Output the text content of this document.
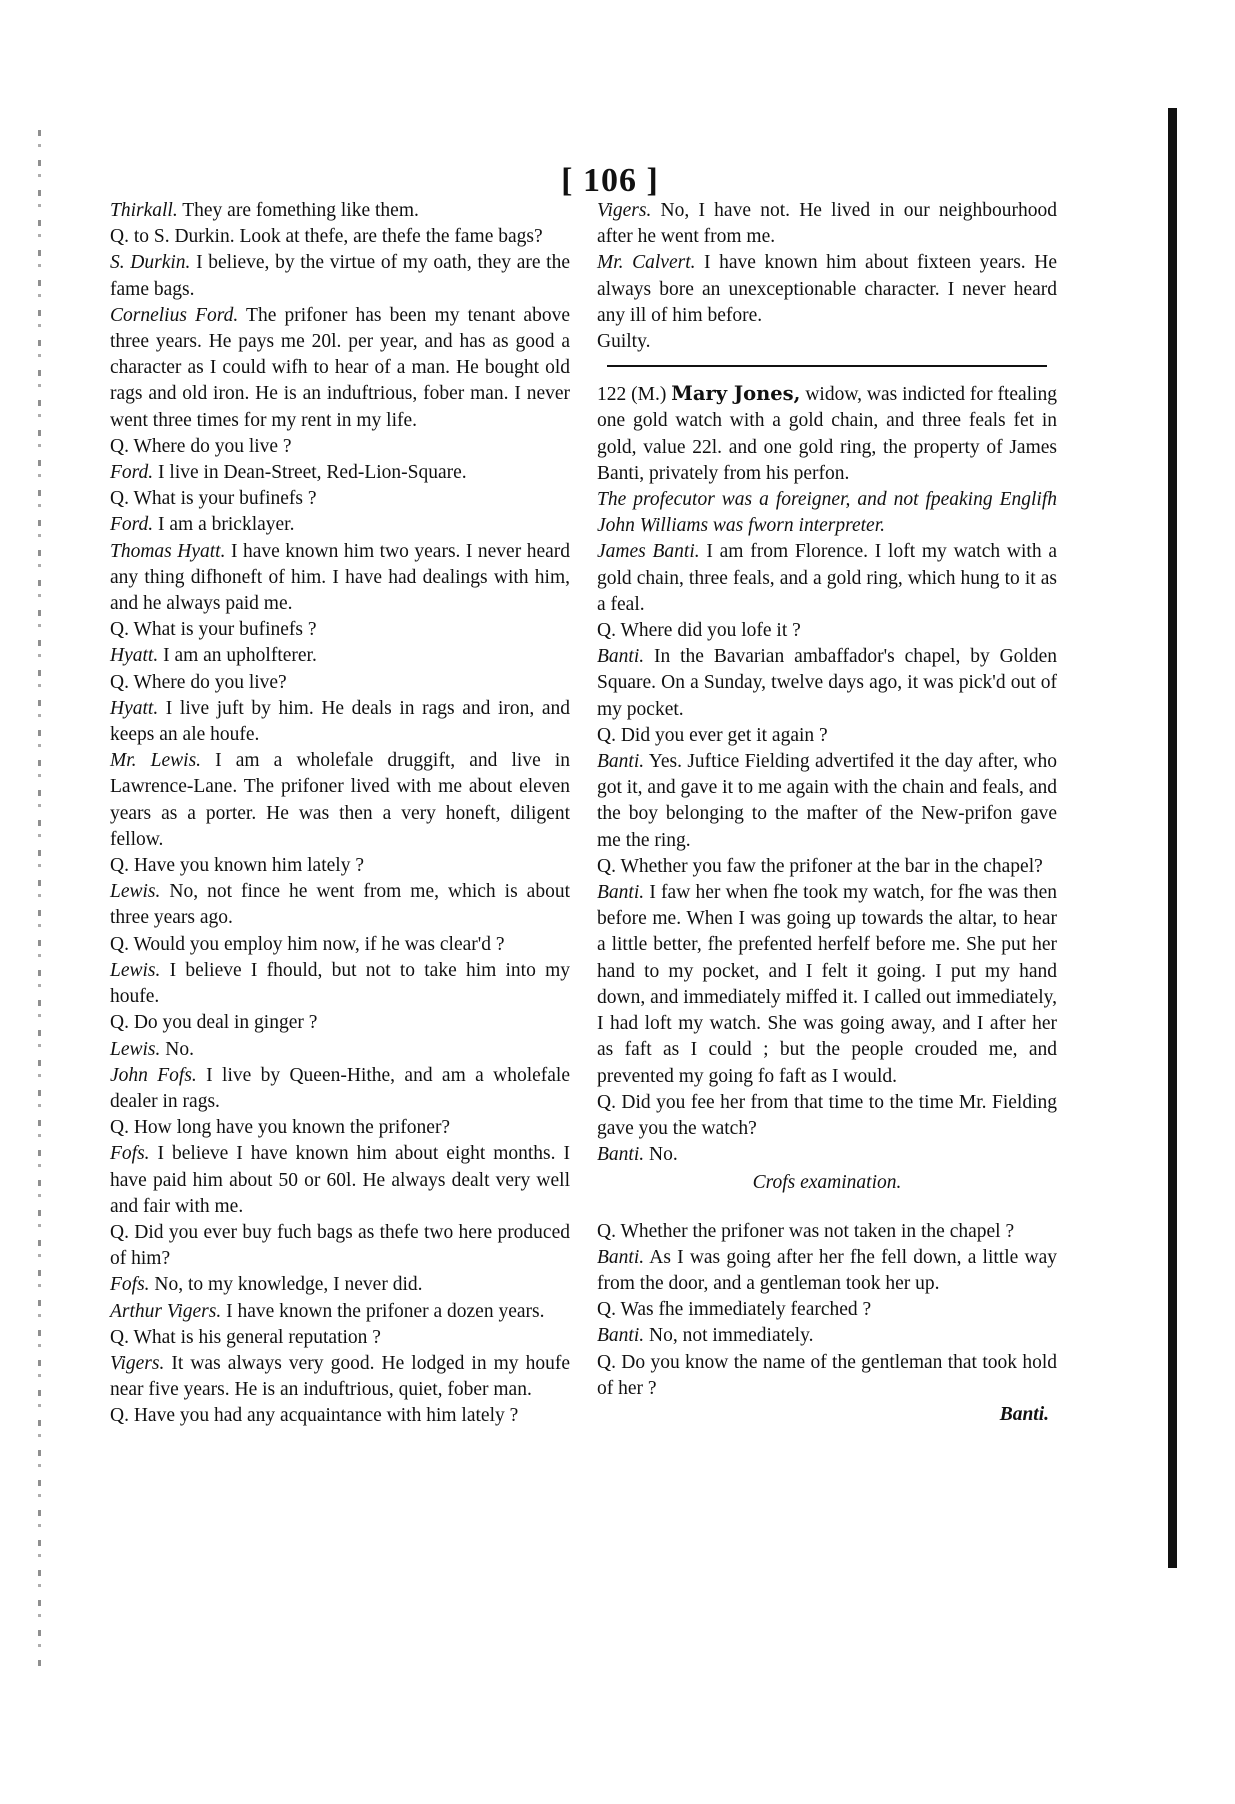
[ 106 ]

Thirkall. They are fomething like them.

Q. to S. Durkin. Look at thefe, are thefe the fame bags?

S. Durkin. I believe, by the virtue of my oath, they are the fame bags.

Cornelius Ford. The prifoner has been my tenant above three years. He pays me 20l. per year, and has as good a character as I could wifh to hear of a man. He bought old rags and old iron. He is an induftrious, fober man. I never went three times for my rent in my life.

Q. Where do you live ?

Ford. I live in Dean-Street, Red-Lion-Square.

Q. What is your bufinefs ?

Ford. I am a bricklayer.

Thomas Hyatt. I have known him two years. I never heard any thing difhoneft of him. I have had dealings with him, and he always paid me.

Q. What is your bufinefs ?

Hyatt. I am an upholfterer.

Q. Where do you live?

Hyatt. I live juft by him. He deals in rags and iron, and keeps an ale houfe.

Mr. Lewis. I am a wholefale druggift, and live in Lawrence-Lane. The prifoner lived with me about eleven years as a porter. He was then a very honeft, diligent fellow.

Q. Have you known him lately ?

Lewis. No, not fince he went from me, which is about three years ago.

Q. Would you employ him now, if he was clear'd ?

Lewis. I believe I fhould, but not to take him into my houfe.

Q. Do you deal in ginger ?

Lewis. No.

John Fofs. I live by Queen-Hithe, and am a wholefale dealer in rags.

Q. How long have you known the prifoner?

Fofs. I believe I have known him about eight months. I have paid him about 50 or 60l. He always dealt very well and fair with me.

Q. Did you ever buy fuch bags as thefe two here produced of him?

Fofs. No, to my knowledge, I never did.

Arthur Vigers. I have known the prifoner a dozen years.

Q. What is his general reputation ?

Vigers. It was always very good. He lodged in my houfe near five years. He is an induftrious, quiet, fober man.

Q. Have you had any acquaintance with him lately ?

Vigers. No, I have not. He lived in our neighbourhood after he went from me.

Mr. Calvert. I have known him about fixteen years. He always bore an unexceptionable character. I never heard any ill of him before.

Guilty.

122 (M.) Mary Jones, widow, was indicted for ftealing one gold watch with a gold chain, and three feals fet in gold, value 22l. and one gold ring, the property of James Banti, privately from his perfon.

The profecutor was a foreigner, and not fpeaking Englifh John Williams was fworn interpreter.

James Banti. I am from Florence. I loft my watch with a gold chain, three feals, and a gold ring, which hung to it as a feal.

Q. Where did you lofe it ?

Banti. In the Bavarian ambaffador's chapel, by Golden Square. On a Sunday, twelve days ago, it was pick'd out of my pocket.

Q. Did you ever get it again ?

Banti. Yes. Juftice Fielding advertifed it the day after, who got it, and gave it to me again with the chain and feals, and the boy belonging to the mafter of the New-prifon gave me the ring.

Q. Whether you faw the prifoner at the bar in the chapel?

Banti. I faw her when fhe took my watch, for fhe was then before me. When I was going up towards the altar, to hear a little better, fhe prefented herfelf before me. She put her hand to my pocket, and I felt it going. I put my hand down, and immediately miffed it. I called out immediately, I had loft my watch. She was going away, and I after her as faft as I could ; but the people crouded me, and prevented my going fo faft as I would.

Q. Did you fee her from that time to the time Mr. Fielding gave you the watch?

Banti. No.

Crofs examination.

Q. Whether the prifoner was not taken in the chapel ?

Banti. As I was going after her fhe fell down, a little way from the door, and a gentleman took her up.

Q. Was fhe immediately fearched ?

Banti. No, not immediately.

Q. Do you know the name of the gentleman that took hold of her ?

Banti.
